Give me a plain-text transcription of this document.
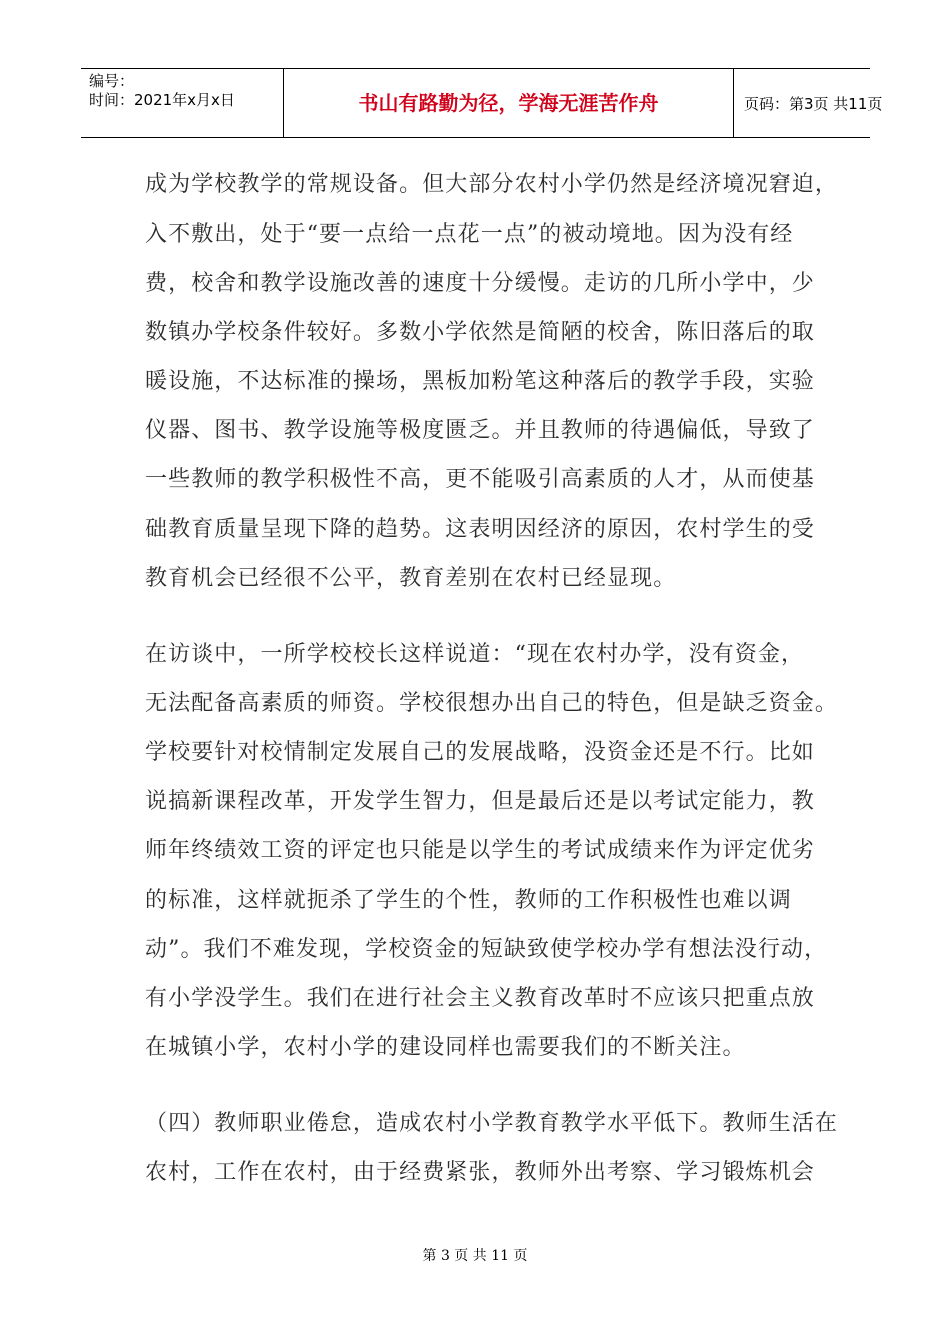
编号：
时间：2021年x月x日	书山有路勤为径，学海无涯苦作舟	页码：第3页 共11页
成为学校教学的常规设备。但大部分农村小学仍然是经济境况窘迫，
入不敷出，处于“要一点给一点花一点”的被动境地。因为没有经
费，校舍和教学设施改善的速度十分缓慢。走访的几所小学中，少
数镇办学校条件较好。多数小学依然是简陋的校舍，陈旧落后的取
暖设施，不达标准的操场，黑板加粉笔这种落后的教学手段，实验
仪器、图书、教学设施等极度匮乏。并且教师的待遇偏低，导致了
一些教师的教学积极性不高，更不能吸引高素质的人才，从而使基
础教育质量呈现下降的趋势。这表明因经济的原因，农村学生的受
教育机会已经很不公平，教育差别在农村已经显现。
在访谈中，一所学校校长这样说道：“现在农村办学，没有资金，
无法配备高素质的师资。学校很想办出自己的特色，但是缺乏资金。
学校要针对校情制定发展自己的发展战略，没资金还是不行。比如
说搞新课程改革，开发学生智力，但是最后还是以考试定能力，教
师年终绩效工资的评定也只能是以学生的考试成绩来作为评定优劣
的标准，这样就扼杀了学生的个性，教师的工作积极性也难以调
动”。我们不难发现，学校资金的短缺致使学校办学有想法没行动，
有小学没学生。我们在进行社会主义教育改革时不应该只把重点放
在城镇小学，农村小学的建设同样也需要我们的不断关注。
（四）教师职业倦怠，造成农村小学教育教学水平低下。教师生活在
农村，工作在农村，由于经费紧张，教师外出考察、学习锻炼机会
第 3 页 共 11 页
